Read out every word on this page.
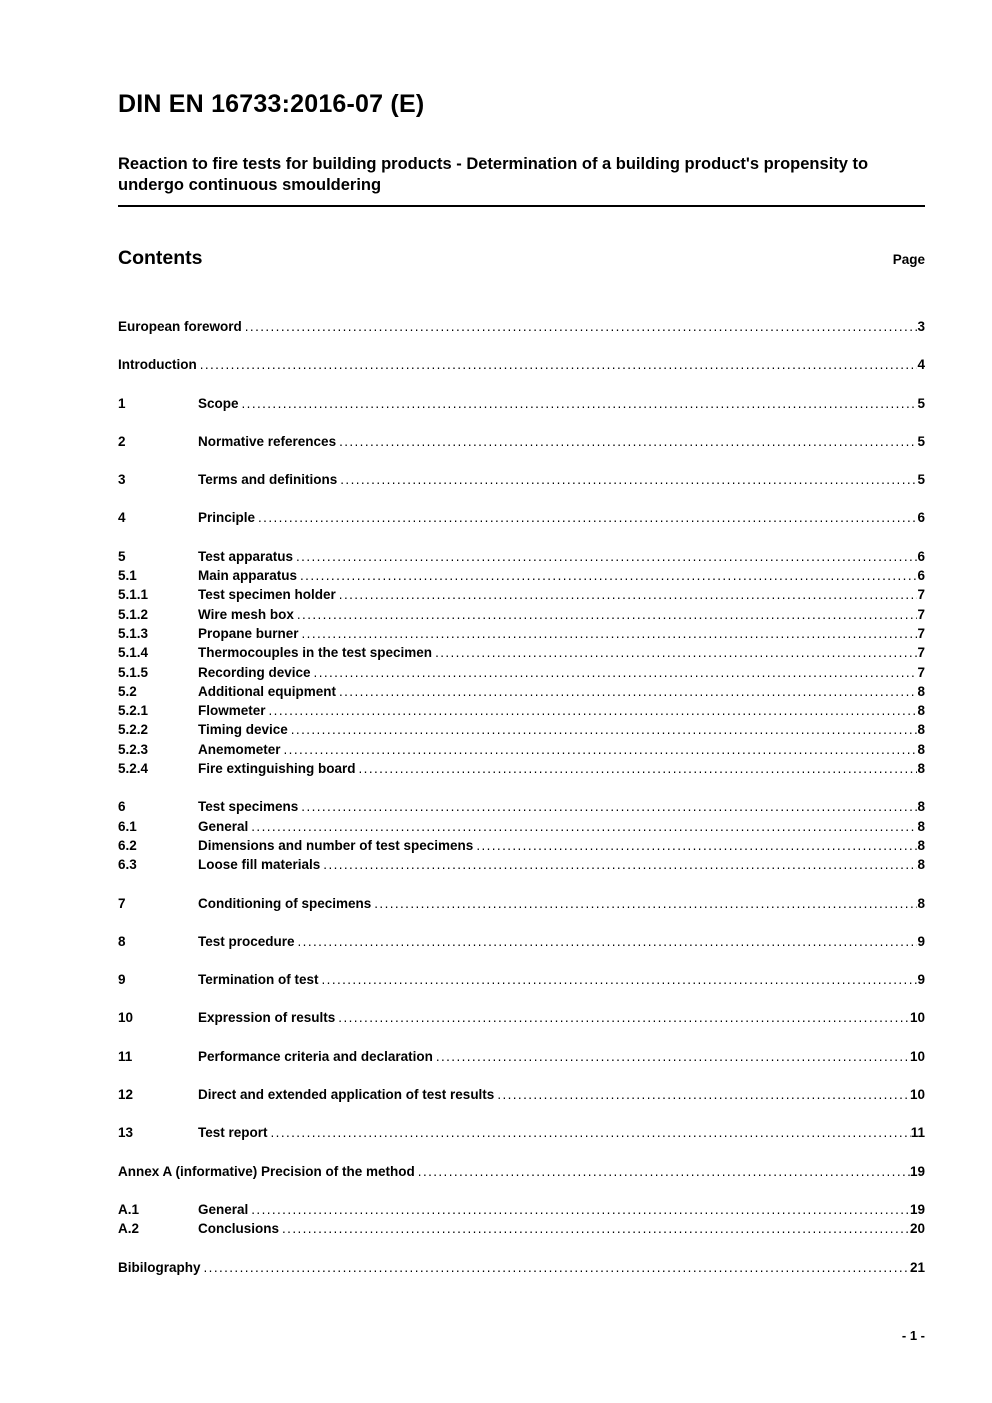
DIN EN 16733:2016-07 (E)
Reaction to fire tests for building products - Determination of a building product's propensity to undergo continuous smouldering
Contents	Page
European foreword .....	3
Introduction .....	4
1	Scope .....	5
2	Normative references .....	5
3	Terms and definitions .....	5
4	Principle .....	6
5	Test apparatus .....	6
5.1	Main apparatus .....	6
5.1.1	Test specimen holder .....	7
5.1.2	Wire mesh box .....	7
5.1.3	Propane burner .....	7
5.1.4	Thermocouples in the test specimen .....	7
5.1.5	Recording device .....	7
5.2	Additional equipment .....	8
5.2.1	Flowmeter .....	8
5.2.2	Timing device .....	8
5.2.3	Anemometer .....	8
5.2.4	Fire extinguishing board .....	8
6	Test specimens .....	8
6.1	General .....	8
6.2	Dimensions and number of test specimens .....	8
6.3	Loose fill materials .....	8
7	Conditioning of specimens .....	8
8	Test procedure .....	9
9	Termination of test .....	9
10	Expression of results .....	10
11	Performance criteria and declaration .....	10
12	Direct and extended application of test results .....	10
13	Test report .....	11
Annex A (informative) Precision of the method .....	19
A.1	General .....	19
A.2	Conclusions .....	20
Bibilography .....	21
- 1 -
